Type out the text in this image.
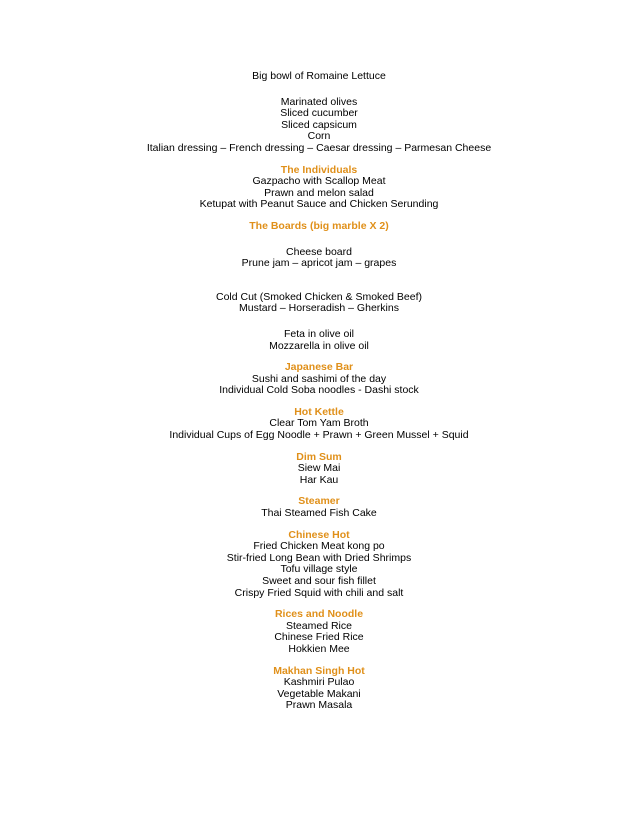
Big bowl of Romaine Lettuce
Marinated olives
Sliced cucumber
Sliced capsicum
Corn
Italian dressing – French dressing – Caesar dressing – Parmesan Cheese
The Individuals
Gazpacho with Scallop Meat
Prawn and melon salad
Ketupat with Peanut Sauce and Chicken Serunding
The Boards (big marble X 2)
Cheese board
Prune jam – apricot jam – grapes
Cold Cut (Smoked Chicken & Smoked Beef)
Mustard – Horseradish – Gherkins
Feta in olive oil
Mozzarella in olive oil
Japanese Bar
Sushi and sashimi of the day
Individual Cold Soba noodles - Dashi stock
Hot Kettle
Clear Tom Yam Broth
Individual Cups of Egg Noodle + Prawn + Green Mussel + Squid
Dim Sum
Siew Mai
Har Kau
Steamer
Thai Steamed Fish Cake
Chinese Hot
Fried Chicken Meat kong po
Stir-fried Long Bean with Dried Shrimps
Tofu village style
Sweet and sour fish fillet
Crispy Fried Squid with chili and salt
Rices and Noodle
Steamed Rice
Chinese Fried Rice
Hokkien Mee
Makhan Singh Hot
Kashmiri Pulao
Vegetable Makani
Prawn Masala
